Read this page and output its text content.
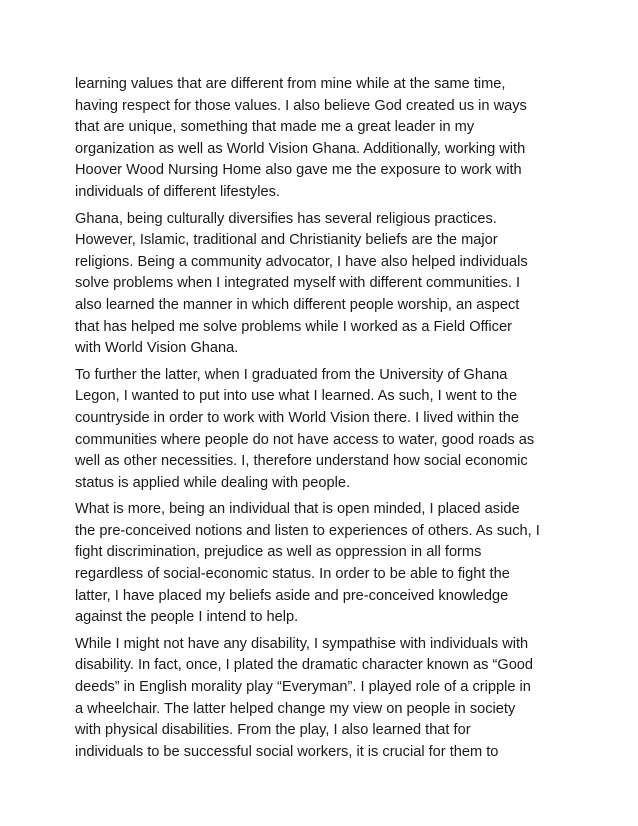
learning values that are different from mine while at the same time,
having respect for those values. I also believe God created us in ways
that are unique, something that made me a great leader in my
organization as well as World Vision Ghana. Additionally, working with
Hoover Wood Nursing Home also gave me the exposure to work with
individuals of different lifestyles.

Ghana, being culturally diversifies has several religious practices.
However, Islamic, traditional and Christianity beliefs are the major
religions. Being a community advocator, I have also helped individuals
solve problems when I integrated myself with different communities. I
also learned the manner in which different people worship, an aspect
that has helped me solve problems while I worked as a Field Officer
with World Vision Ghana.

To further the latter, when I graduated from the University of Ghana
Legon, I wanted to put into use what I learned. As such, I went to the
countryside in order to work with World Vision there. I lived within the
communities where people do not have access to water, good roads as
well as other necessities. I, therefore understand how social economic
status is applied while dealing with people.

What is more, being an individual that is open minded, I placed aside
the pre-conceived notions and listen to experiences of others. As such, I
fight discrimination, prejudice as well as oppression in all forms
regardless of social-economic status. In order to be able to fight the
latter, I have placed my beliefs aside and pre-conceived knowledge
against the people I intend to help.

While I might not have any disability, I sympathise with individuals with
disability. In fact, once, I plated the dramatic character known as “Good
deeds” in English morality play “Everyman”. I played role of a cripple in
a wheelchair. The latter helped change my view on people in society
with physical disabilities. From the play, I also learned that for
individuals to be successful social workers, it is crucial for them to
